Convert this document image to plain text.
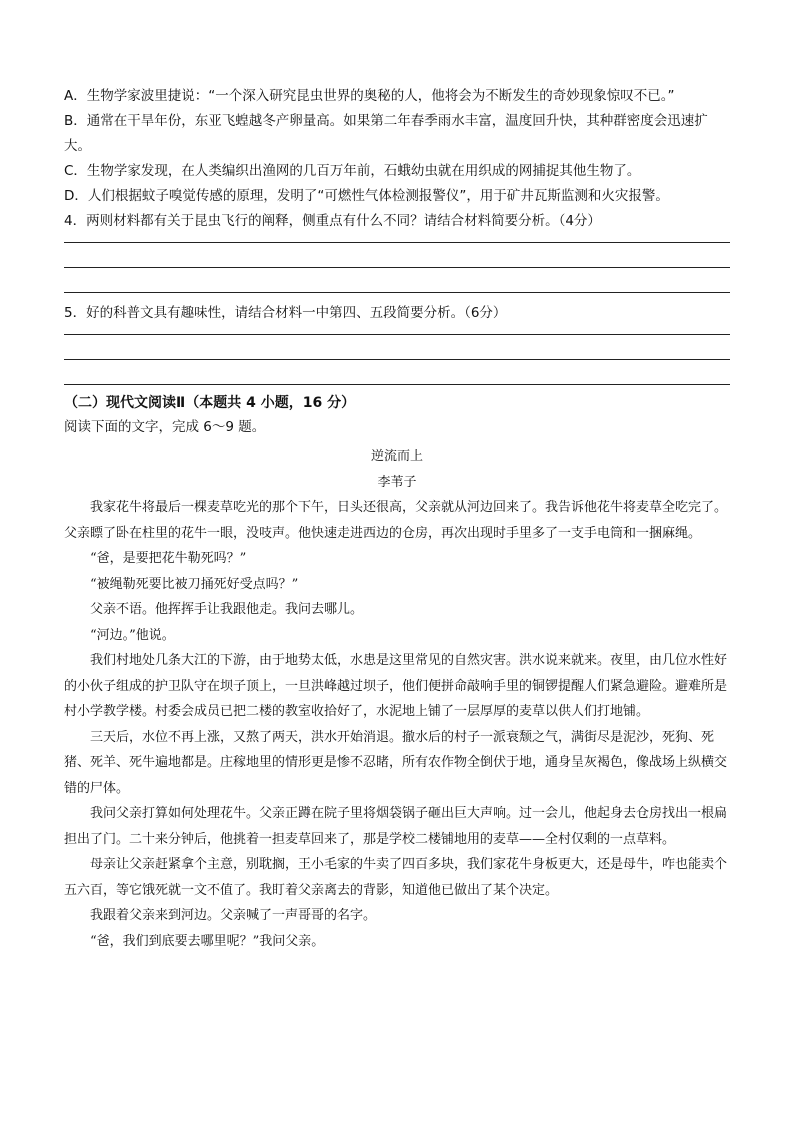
A．生物学家波里捷说：“一个深入研究昆虫世界的奥秘的人，他将会为不断发生的奇妙现象惊叹不已。”
B．通常在干旱年份，东亚飞蝗越冬产卵量高。如果第二年春季雨水丰富，温度回升快，其种群密度会迅速扩
大。
C．生物学家发现，在人类编织出渔网的几百万年前，石蛾幼虫就在用织成的网捕捉其他生物了。
D．人们根据蚊子嗅觉传感的原理，发明了“可燃性气体检测报警仪”，用于矿井瓦斯监测和火灾报警。
4．两则材料都有关于昆虫飞行的阐释，侧重点有什么不同？请结合材料简要分析。（4分）
5．好的科普文具有趣味性，请结合材料一中第四、五段简要分析。（6分）
（二）现代文阅读Ⅱ（本题共 4 小题，16 分）
阅读下面的文字，完成 6～9 题。
逆流而上
李苇子
我家花牛将最后一棵麦草吃光的那个下午，日头还很高，父亲就从河边回来了。我告诉他花牛将麦草全吃完了。父亲瞟了卧在柱里的花牛一眼，没吱声。他快速走进西边的仓房，再次出现时手里多了一支手电筒和一捆麻绳。
“爸，是要把花牛勒死吗？”
“被绳勒死要比被刀捅死好受点吗？”
父亲不语。他挥挥手让我跟他走。我问去哪儿。
“河边。”他说。
我们村地处几条大江的下游，由于地势太低，水患是这里常见的自然灾害。洪水说来就来。夜里，由几位水性好的小伙子组成的护卫队守在坝子顶上，一旦洪峰越过坝子，他们便拼命敲响手里的铜锣提醒人们紧急避险。避难所是村小学教学楼。村委会成员已把二楼的教室收拾好了，水泥地上铺了一层厚厚的麦草以供人们打地铺。
三天后，水位不再上涨，又熬了两天，洪水开始消退。撤水后的村子一派衰颓之气，满街尽是泥沙，死狗、死猪、死羊、死牛遍地都是。庄稼地里的情形更是惨不忍睹，所有农作物全倒伏于地，通身呈灰褐色，像战场上纵横交错的尸体。
我问父亲打算如何处理花牛。父亲正蹲在院子里将烟袋锅子砸出巨大声响。过一会儿，他起身去仓房找出一根扁担出了门。二十来分钟后，他挑着一担麦草回来了，那是学校二楼铺地用的麦草——全村仅剩的一点草料。
母亲让父亲赶紧拿个主意，别耽搁，王小毛家的牛卖了四百多块，我们家花牛身板更大，还是母牛，咋也能卖个五六百，等它饿死就一文不值了。我盯着父亲离去的背影，知道他已做出了某个决定。
我跟着父亲来到河边。父亲喊了一声哥哥的名字。
“爸，我们到底要去哪里呢？”我问父亲。
